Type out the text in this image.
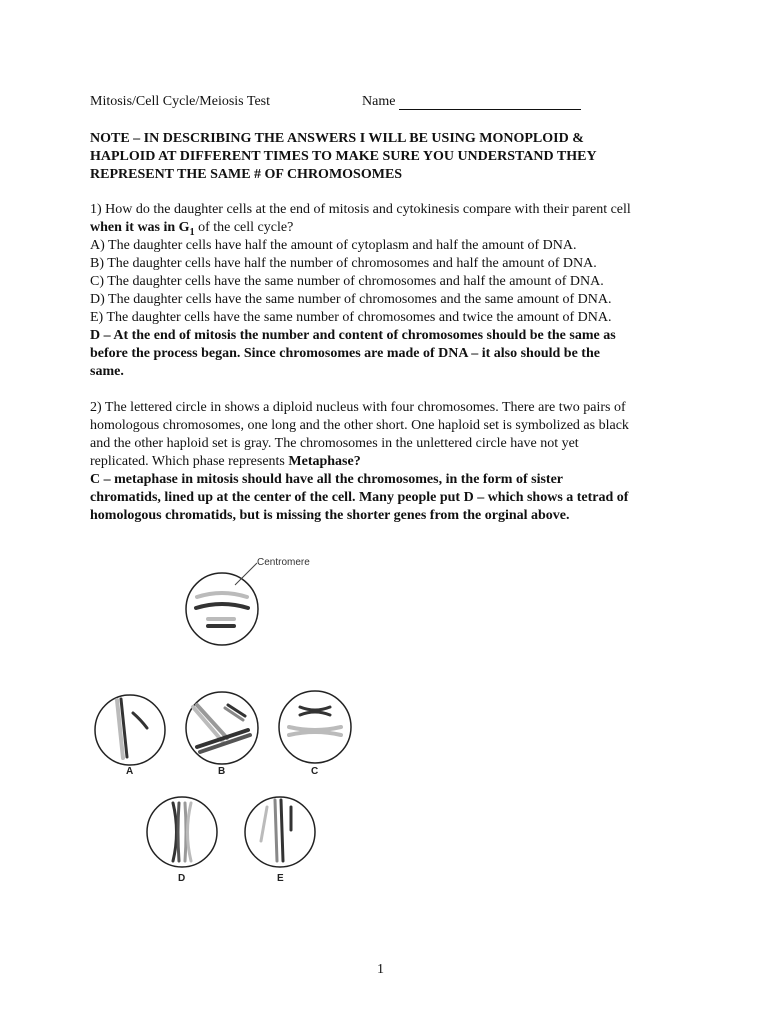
Mitosis/Cell Cycle/Meiosis Test	Name
NOTE – IN DESCRIBING THE ANSWERS I WILL BE USING MONOPLOID &
HAPLOID AT DIFFERENT TIMES TO MAKE SURE YOU UNDERSTAND THEY
REPRESENT THE SAME # OF CHROMOSOMES
1) How do the daughter cells at the end of mitosis and cytokinesis compare with their parent cell
when it was in $G_1$ of the cell cycle?
A) The daughter cells have half the amount of cytoplasm and half the amount of DNA.
B) The daughter cells have half the number of chromosomes and half the amount of DNA.
C) The daughter cells have the same number of chromosomes and half the amount of DNA.
D) The daughter cells have the same number of chromosomes and the same amount of DNA.
E) The daughter cells have the same number of chromosomes and twice the amount of DNA.
D – At the end of mitosis the number and content of chromosomes should be the same as
before the process began. Since chromosomes are made of DNA – it also should be the
same.
2) The lettered circle in shows a diploid nucleus with four chromosomes. There are two pairs of
homologous chromosomes, one long and the other short. One haploid set is symbolized as black
and the other haploid set is gray. The chromosomes in the unlettered circle have not yet
replicated. Which phase represents Metaphase?
C – metaphase in mitosis should have all the chromosomes, in the form of sister
chromatids, lined up at the center of the cell. Many people put D – which shows a tetrad of
homologous chromatids, but is missing the shorter genes from the orginal above.
Centromere
A	B	C
D	E
1
